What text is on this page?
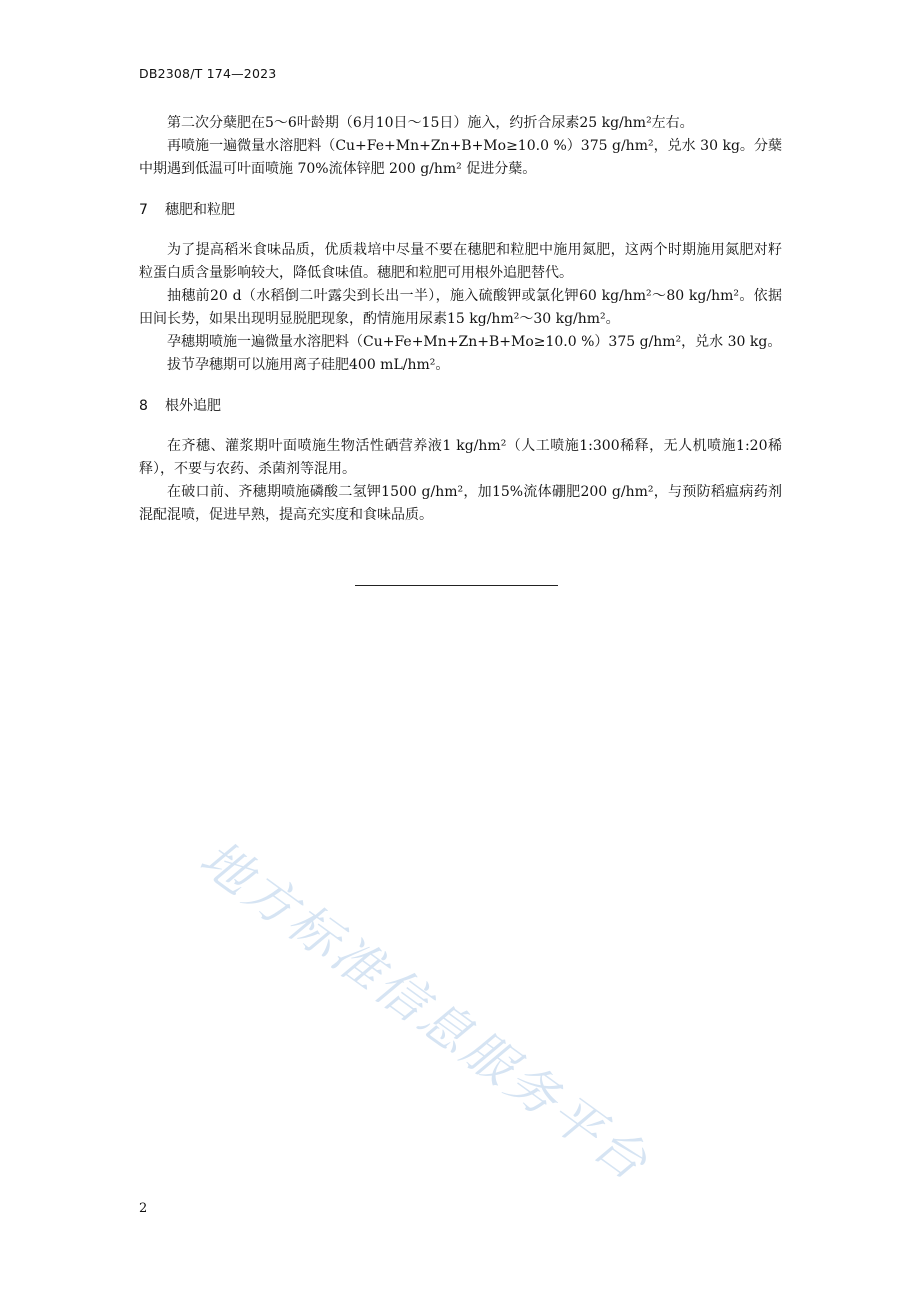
DB2308/T 174—2023

第二次分蘖肥在5～6叶龄期（6月10日～15日）施入，约折合尿素25 kg/hm²左右。

再喷施一遍微量水溶肥料（Cu+Fe+Mn+Zn+B+Mo≥10.0 %）375 g/hm²，兑水 30 kg。分蘖中期遇到低温可叶面喷施 70%流体锌肥 200 g/hm² 促进分蘖。

7 穗肥和粒肥

为了提高稻米食味品质，优质栽培中尽量不要在穗肥和粒肥中施用氮肥，这两个时期施用氮肥对籽粒蛋白质含量影响较大，降低食味值。穗肥和粒肥可用根外追肥替代。

抽穗前20 d（水稻倒二叶露尖到长出一半），施入硫酸钾或氯化钾60 kg/hm²～80 kg/hm²。依据田间长势，如果出现明显脱肥现象，酌情施用尿素15 kg/hm²～30 kg/hm²。

孕穗期喷施一遍微量水溶肥料（Cu+Fe+Mn+Zn+B+Mo≥10.0 %）375 g/hm²，兑水 30 kg。

拔节孕穗期可以施用离子硅肥400 mL/hm²。

8 根外追肥

在齐穗、灌浆期叶面喷施生物活性硒营养液1 kg/hm²（人工喷施1:300稀释，无人机喷施1:20稀释），不要与农药、杀菌剂等混用。

在破口前、齐穗期喷施磷酸二氢钾1500 g/hm²，加15%流体硼肥200 g/hm²，与预防稻瘟病药剂混配混喷，促进早熟，提高充实度和食味品质。

地方标准信息服务平台
2
